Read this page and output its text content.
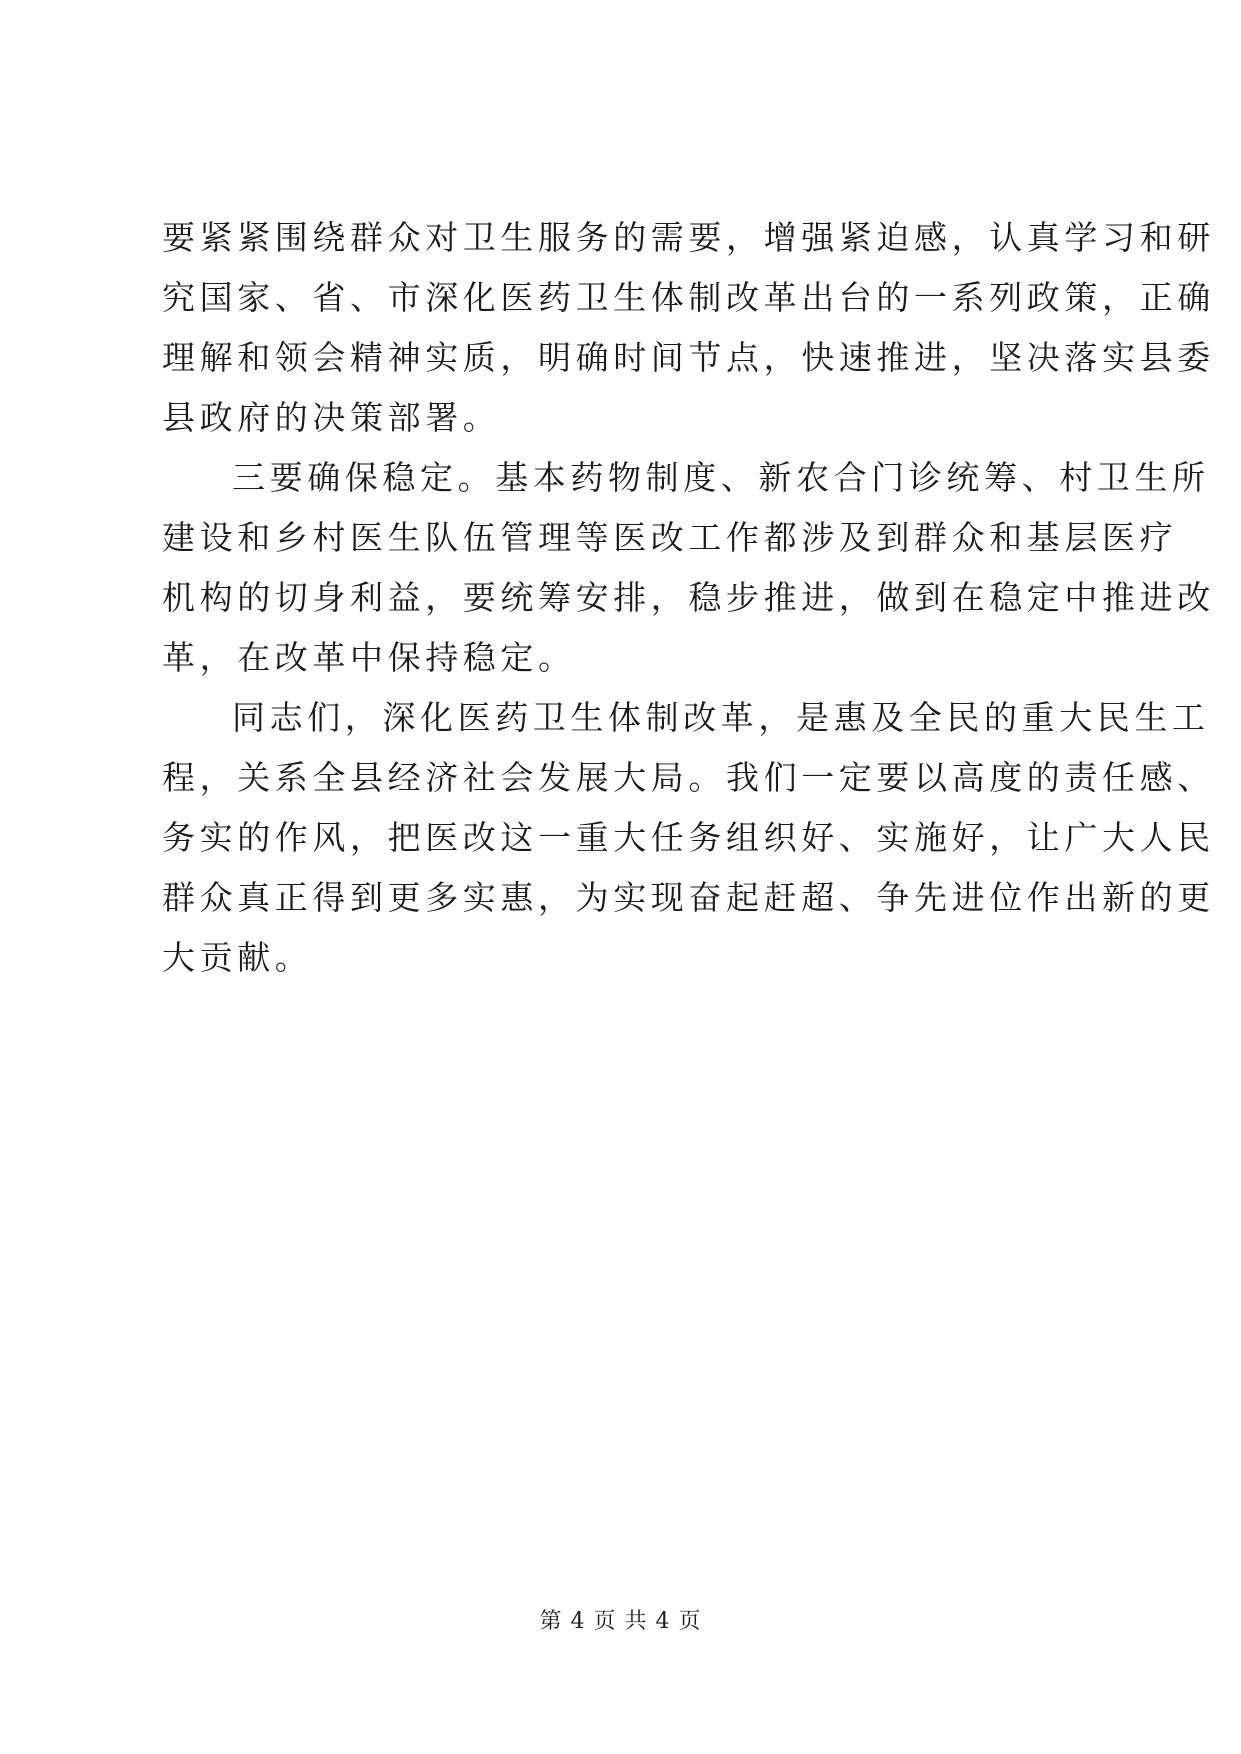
要紧紧围绕群众对卫生服务的需要，增强紧迫感，认真学习和研
究国家、省、市深化医药卫生体制改革出台的一系列政策，正确
理解和领会精神实质，明确时间节点，快速推进，坚决落实县委
县政府的决策部署。
三要确保稳定。基本药物制度、新农合门诊统筹、村卫生所
建设和乡村医生队伍管理等医改工作都涉及到群众和基层医疗
机构的切身利益，要统筹安排，稳步推进，做到在稳定中推进改
革，在改革中保持稳定。
同志们，深化医药卫生体制改革，是惠及全民的重大民生工
程，关系全县经济社会发展大局。我们一定要以高度的责任感、
务实的作风，把医改这一重大任务组织好、实施好，让广大人民
群众真正得到更多实惠，为实现奋起赶超、争先进位作出新的更
大贡献。
第 4 页 共 4 页
